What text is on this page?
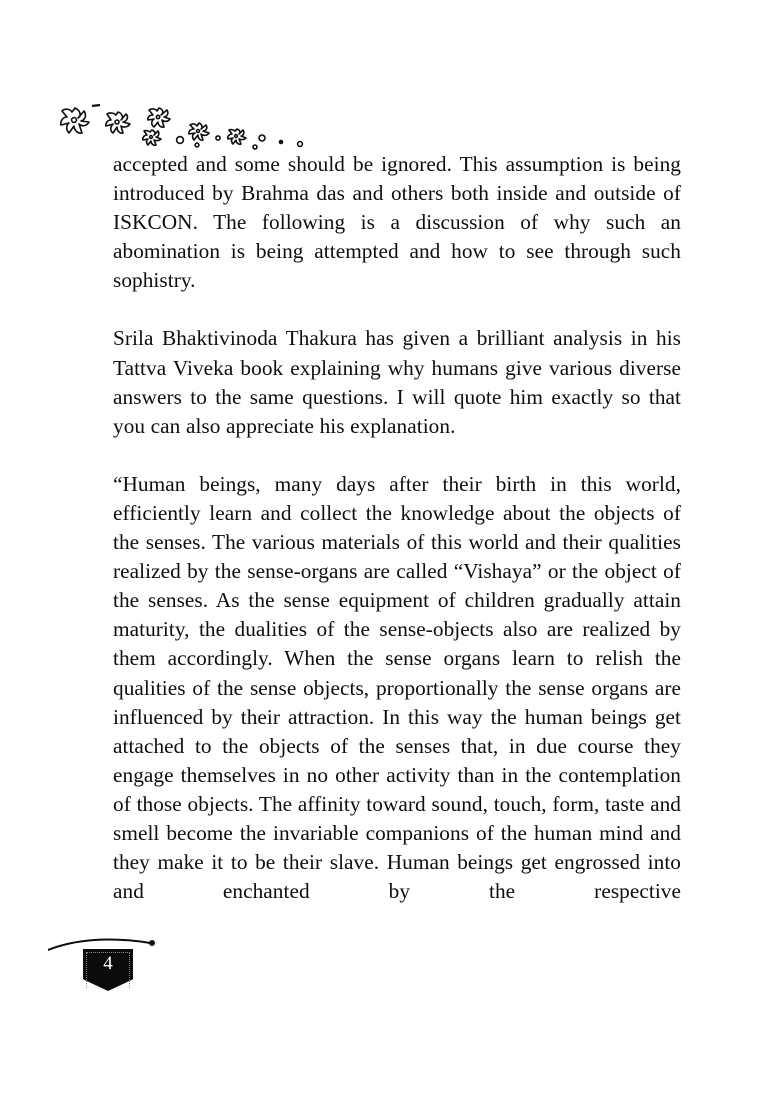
accepted and some should be ignored. This assumption is being introduced by Brahma das and others both inside and outside of ISKCON. The following is a discussion of why such an abomination is being attempted and how to see through such sophistry.

Srila Bhaktivinoda Thakura has given a brilliant analysis in his Tattva Viveka book explaining why humans give various diverse answers to the same questions. I will quote him exactly so that you can also appreciate his explanation.

“Human beings, many days after their birth in this world, efficiently learn and collect the knowledge about the objects of the senses. The various materials of this world and their qualities realized by the sense-organs are called “Vishaya” or the object of the senses. As the sense equipment of children gradually attain maturity, the dualities of the sense-objects also are realized by them accordingly. When the sense organs learn to relish the qualities of the sense objects, proportionally the sense organs are influenced by their attraction. In this way the human beings get attached to the objects of the senses that, in due course they engage themselves in no other activity than in the contemplation of those objects. The affinity toward sound, touch, form, taste and smell become the invariable companions of the human mind and they make it to be their slave. Human beings get engrossed into and enchanted by the respective

4
